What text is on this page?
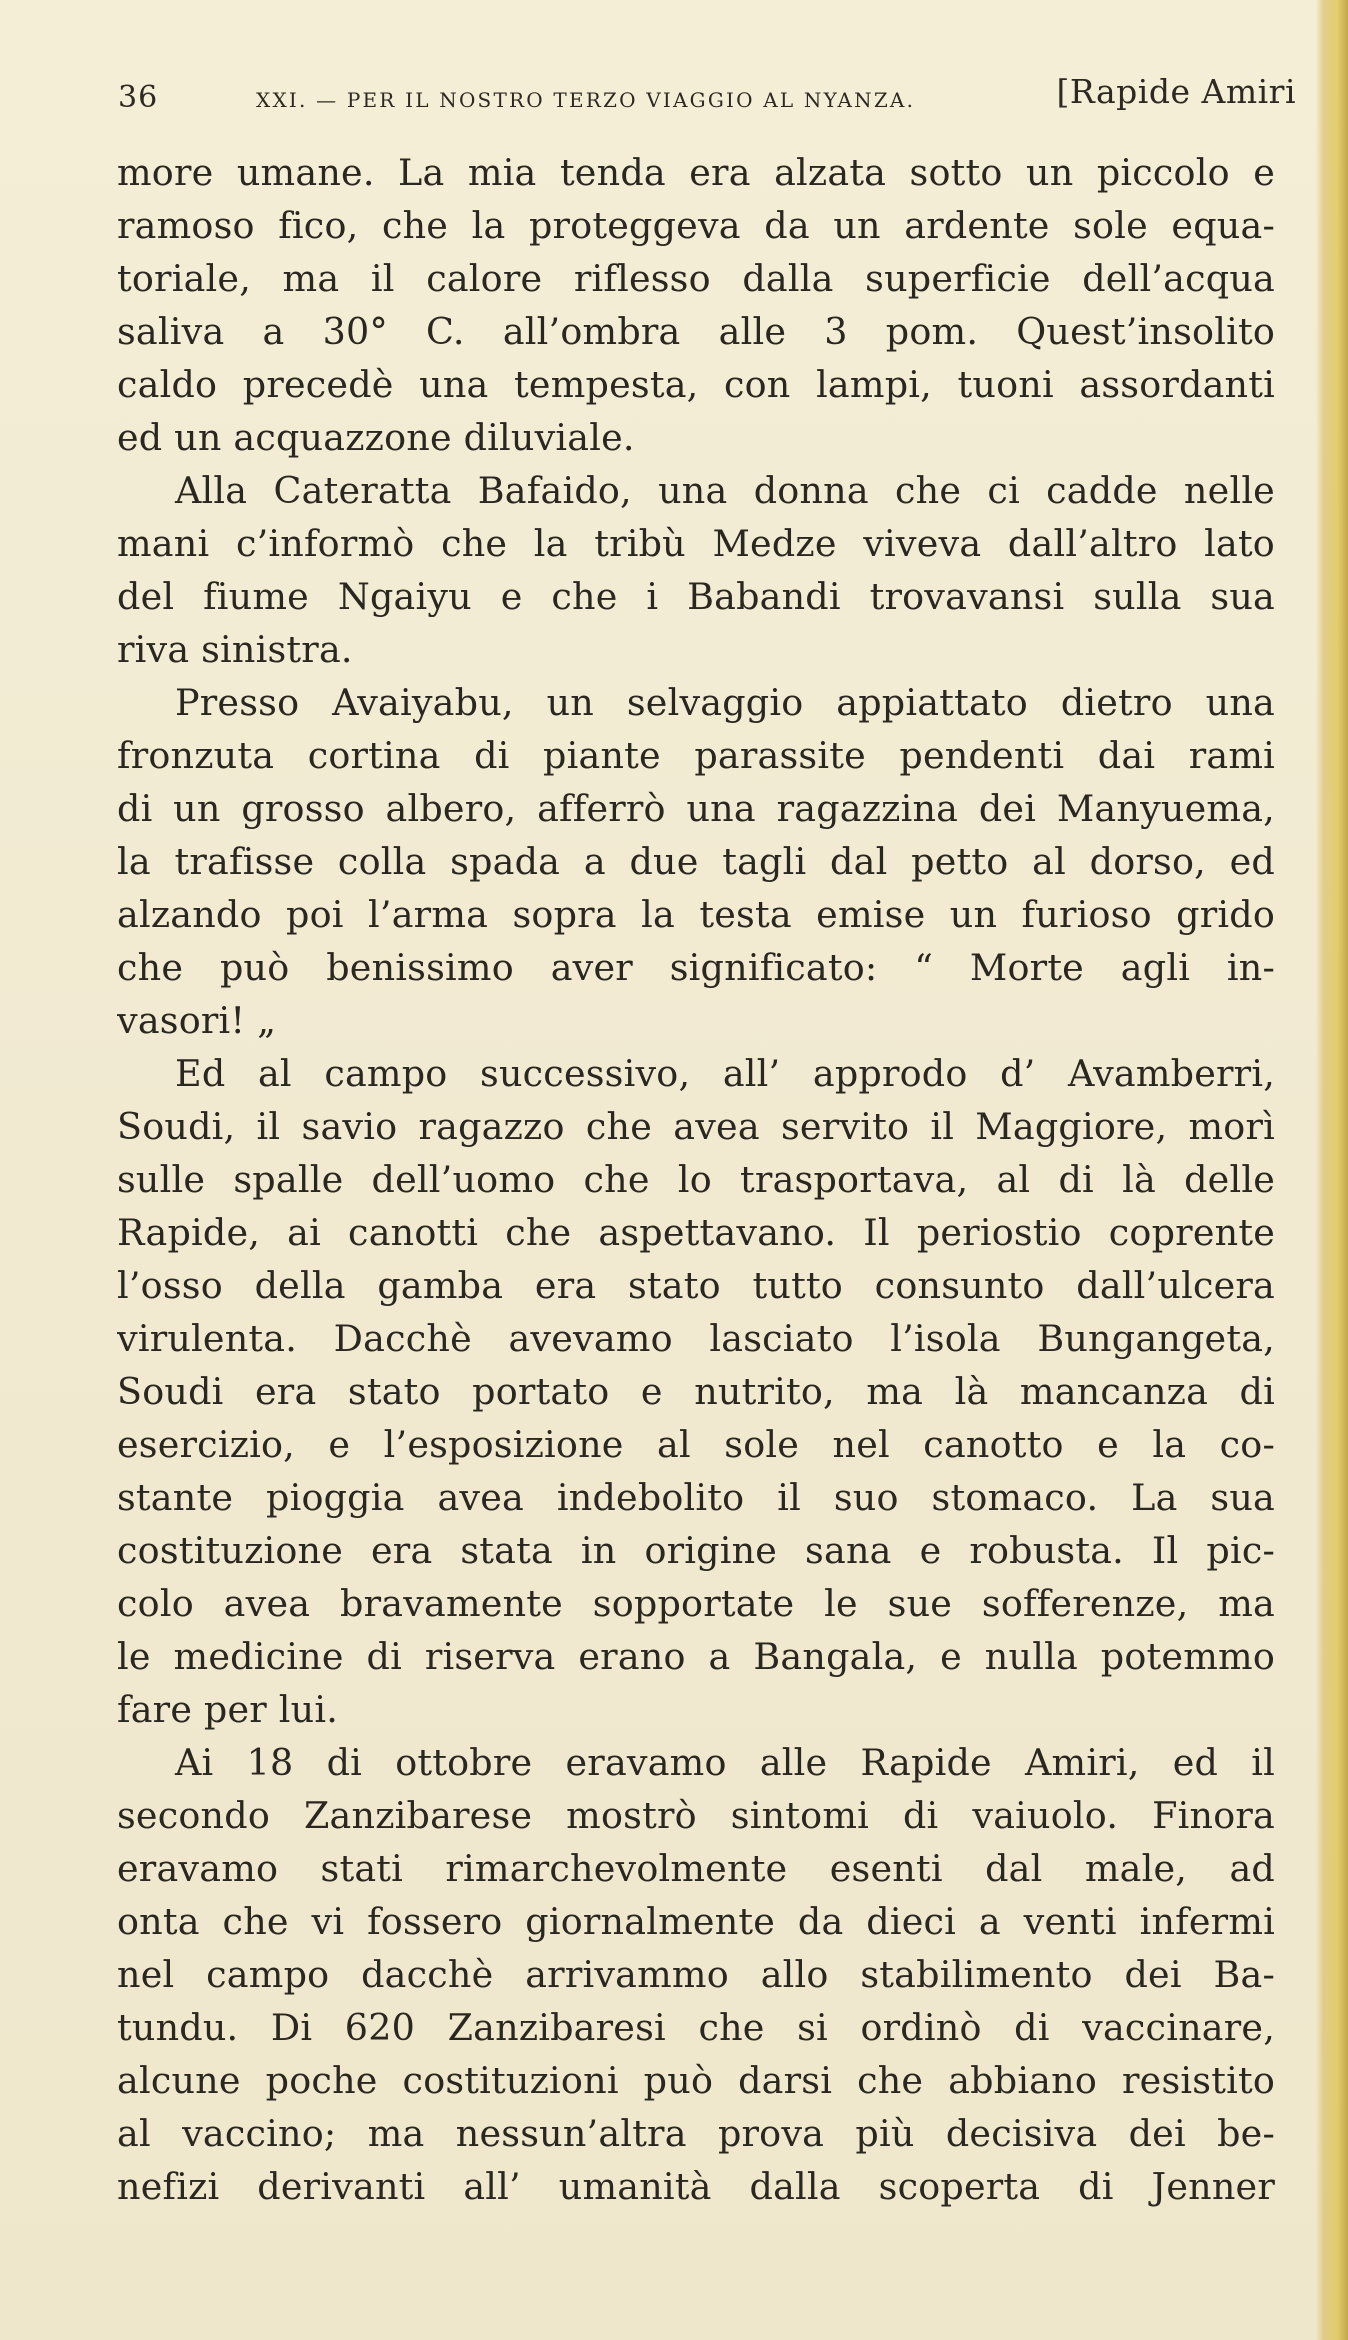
36	XXI. — PER IL NOSTRO TERZO VIAGGIO AL NYANZA.	[Rapide Amiri
more umane. La mia tenda era alzata sotto un piccolo e
ramoso fico, che la proteggeva da un ardente sole equa-
toriale, ma il calore riflesso dalla superficie dell’acqua
saliva a 30° C. all’ombra alle 3 pom. Quest’insolito
caldo precedè una tempesta, con lampi, tuoni assordanti
ed un acquazzone diluviale.
Alla Cateratta Bafaido, una donna che ci cadde nelle
mani c’informò che la tribù Medze viveva dall’altro lato
del fiume Ngaiyu e che i Babandi trovavansi sulla sua
riva sinistra.
Presso Avaiyabu, un selvaggio appiattato dietro una
fronzuta cortina di piante parassite pendenti dai rami
di un grosso albero, afferrò una ragazzina dei Manyuema,
la trafisse colla spada a due tagli dal petto al dorso, ed
alzando poi l’arma sopra la testa emise un furioso grido
che può benissimo aver significato: “ Morte agli in-
vasori! „
Ed al campo successivo, all’ approdo d’ Avamberri,
Soudi, il savio ragazzo che avea servito il Maggiore, morì
sulle spalle dell’uomo che lo trasportava, al di là delle
Rapide, ai canotti che aspettavano. Il periostio coprente
l’osso della gamba era stato tutto consunto dall’ulcera
virulenta. Dacchè avevamo lasciato l’isola Bungangeta,
Soudi era stato portato e nutrito, ma là mancanza di
esercizio, e l’esposizione al sole nel canotto e la co-
stante pioggia avea indebolito il suo stomaco. La sua
costituzione era stata in origine sana e robusta. Il pic-
colo avea bravamente sopportate le sue sofferenze, ma
le medicine di riserva erano a Bangala, e nulla potemmo
fare per lui.
Ai 18 di ottobre eravamo alle Rapide Amiri, ed il
secondo Zanzibarese mostrò sintomi di vaiuolo. Finora
eravamo stati rimarchevolmente esenti dal male, ad
onta che vi fossero giornalmente da dieci a venti infermi
nel campo dacchè arrivammo allo stabilimento dei Ba-
tundu. Di 620 Zanzibaresi che si ordinò di vaccinare,
alcune poche costituzioni può darsi che abbiano resistito
al vaccino; ma nessun’altra prova più decisiva dei be-
nefizi derivanti all’ umanità dalla scoperta di Jenner
